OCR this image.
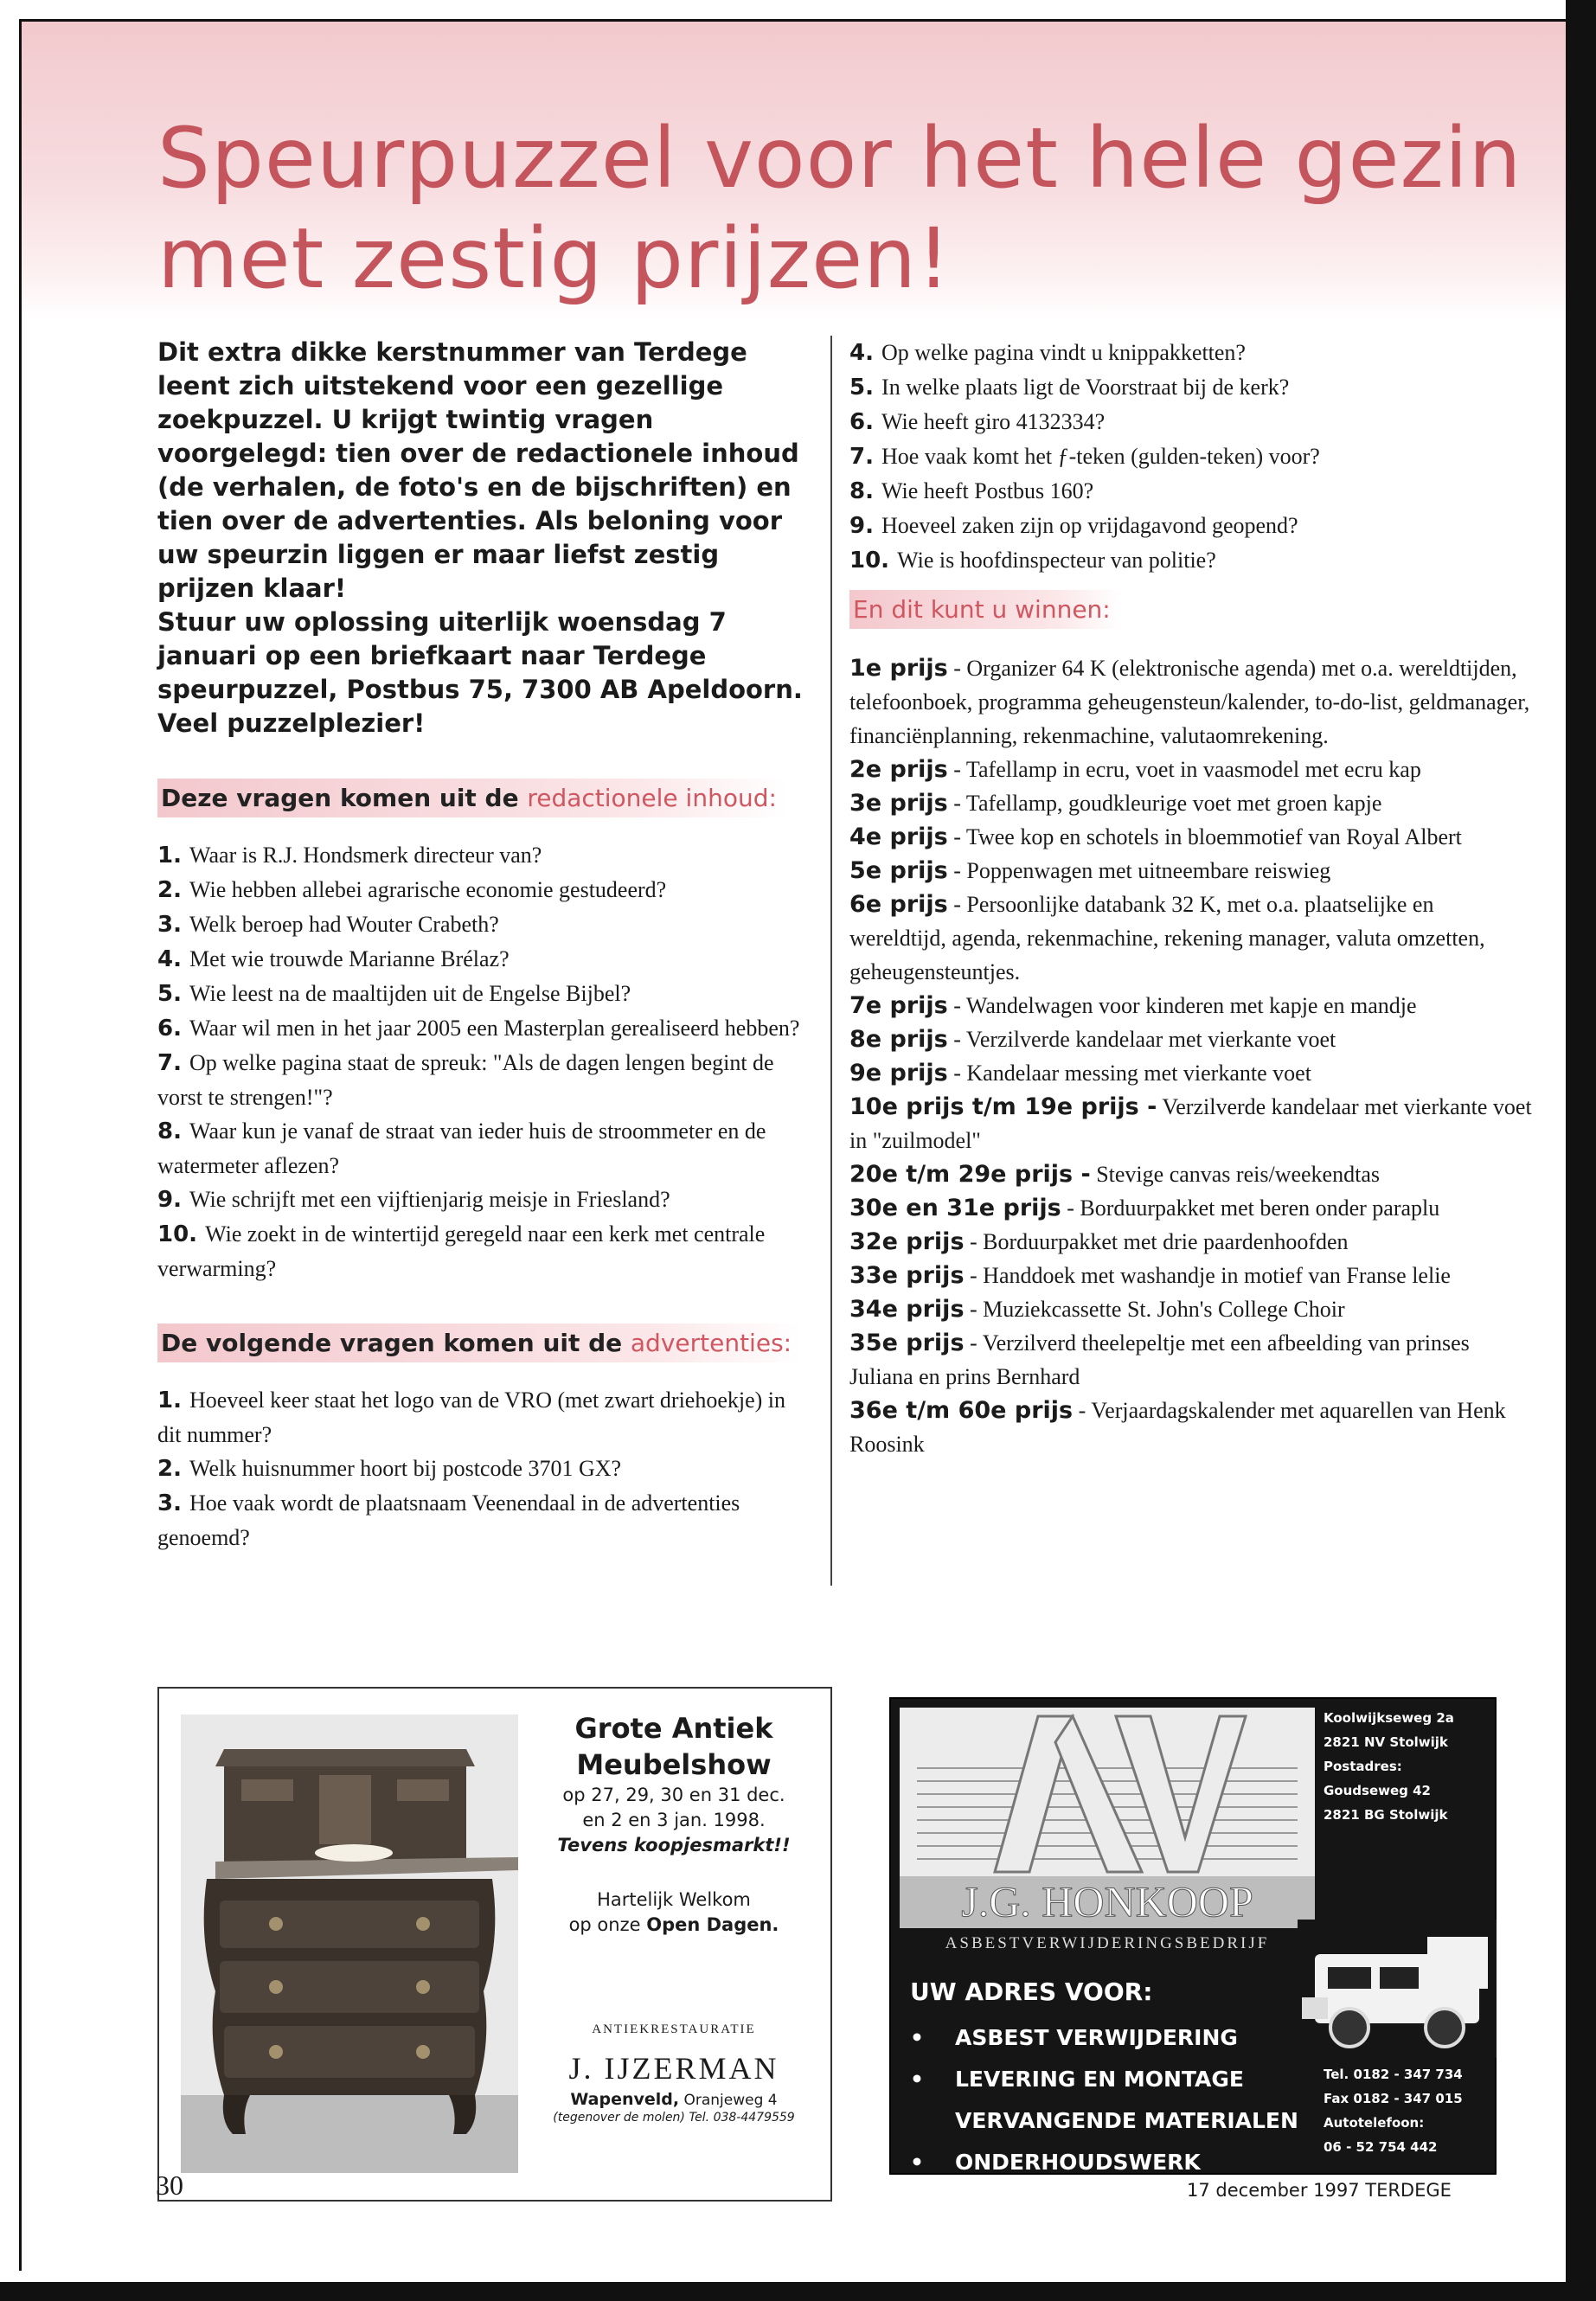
Speurpuzzel voor het hele gezin
met zestig prijzen!

Dit extra dikke kerstnummer van Terdege leent zich uitstekend voor een gezellige zoekpuzzel. U krijgt twintig vragen voorgelegd: tien over de redactionele inhoud (de verhalen, de foto's en de bijschriften) en tien over de advertenties. Als beloning voor uw speurzin liggen er maar liefst zestig prijzen klaar!

Stuur uw oplossing uiterlijk woensdag 7 januari op een briefkaart naar Terdege speurpuzzel, Postbus 75, 7300 AB Apeldoorn.

Veel puzzelplezier!

Deze vragen komen uit de redactionele inhoud:
1. Waar is R.J. Hondsmerk directeur van?
2. Wie hebben allebei agrarische economie gestudeerd?
3. Welk beroep had Wouter Crabeth?
4. Met wie trouwde Marianne Brélaz?
5. Wie leest na de maaltijden uit de Engelse Bijbel?
6. Waar wil men in het jaar 2005 een Masterplan gerealiseerd hebben?
7. Op welke pagina staat de spreuk: "Als de dagen lengen begint de vorst te strengen!"?
8. Waar kun je vanaf de straat van ieder huis de stroommeter en de watermeter aflezen?
9. Wie schrijft met een vijftienjarig meisje in Friesland?
10. Wie zoekt in de wintertijd geregeld naar een kerk met centrale verwarming?
De volgende vragen komen uit de advertenties:
1. Hoeveel keer staat het logo van de VRO (met zwart driehoekje) in dit nummer?
2. Welk huisnummer hoort bij postcode 3701 GX?
3. Hoe vaak wordt de plaatsnaam Veenendaal in de advertenties genoemd?
4. Op welke pagina vindt u knippakketten?
5. In welke plaats ligt de Voorstraat bij de kerk?
6. Wie heeft giro 4132334?
7. Hoe vaak komt het ƒ-teken (gulden-teken) voor?
8. Wie heeft Postbus 160?
9. Hoeveel zaken zijn op vrijdagavond geopend?
10. Wie is hoofdinspecteur van politie?
En dit kunt u winnen:
1e prijs - Organizer 64 K (elektronische agenda) met o.a. wereldtijden, telefoonboek, programma geheugensteun/kalender, to-do-list, geldmanager, financiënplanning, rekenmachine, valutaomrekening.
2e prijs - Tafellamp in ecru, voet in vaasmodel met ecru kap
3e prijs - Tafellamp, goudkleurige voet met groen kapje
4e prijs - Twee kop en schotels in bloemmotief van Royal Albert
5e prijs - Poppenwagen met uitneembare reiswieg
6e prijs - Persoonlijke databank 32 K, met o.a. plaatselijke en wereldtijd, agenda, rekenmachine, rekening manager, valuta omzetten, geheugensteuntjes.
7e prijs - Wandelwagen voor kinderen met kapje en mandje
8e prijs - Verzilverde kandelaar met vierkante voet
9e prijs - Kandelaar messing met vierkante voet
10e prijs t/m 19e prijs - Verzilverde kandelaar met vierkante voet in "zuilmodel"
20e t/m 29e prijs - Stevige canvas reis/weekendtas
30e en 31e prijs - Borduurpakket met beren onder paraplu
32e prijs - Borduurpakket met drie paardenhoofden
33e prijs - Handdoek met washandje in motief van Franse lelie
34e prijs - Muziekcassette St. John's College Choir
35e prijs - Verzilverd theelepeltje met een afbeelding van prinses Juliana en prins Bernhard
36e t/m 60e prijs - Verjaardagskalender met aquarellen van Henk Roosink

Grote Antiek Meubelshow

op 27, 29, 30 en 31 dec.

en 2 en 3 jan. 1998.

Tevens koopjesmarkt!!

Hartelijk Welkom

op onze Open Dagen.

ANTIEKRESTAURATIE

J. IJZERMAN

Wapenveld, Oranjeweg 4

(tegenover de molen) Tel. 038-4479559

J.G. HONKOOP
ASBESTVERWIJDERINGSBEDRIJF
UW ADRES VOOR:
• ASBEST VERWIJDERING
• LEVERING EN MONTAGE
VERVANGENDE MATERIALEN
• ONDERHOUDSWERK

Koolwijkseweg 2a

2821 NV Stolwijk

Postadres:

Goudseweg 42

2821 BG Stolwijk

Tel. 0182 - 347 734

Fax 0182 - 347 015

Autotelefoon:

06 - 52 754 442

30	17 december 1997 TERDEGE
